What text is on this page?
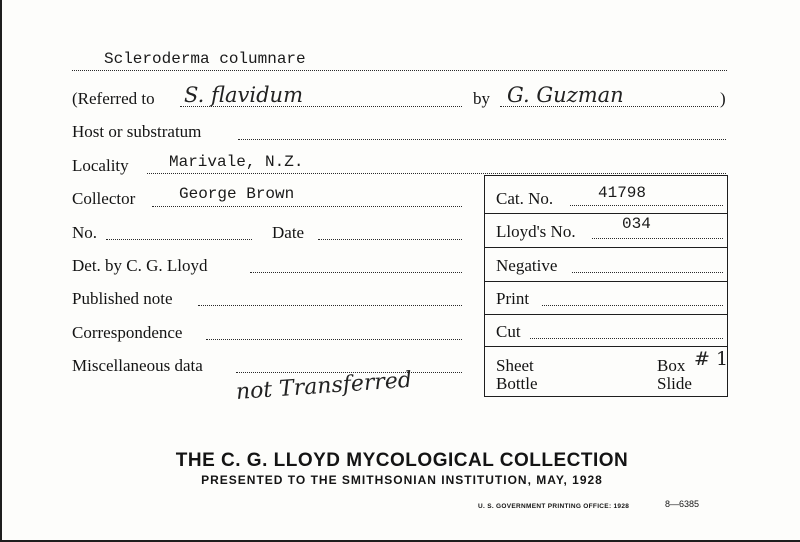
Scleroderma columnare
(Referred to S. flavidum	by G. Guzman	)
Host or substratum
Locality	Marivale, N.Z.
Collector	George Brown
No.	Date
Det. by C. G. Lloyd
Published note
Correspondence
Miscellaneous data
not Transferred
Cat. No.	41798
Lloyd's No.	034
Negative
Print
Cut
Sheet	Box # 1
Bottle	Slide
THE C. G. LLOYD MYCOLOGICAL COLLECTION
PRESENTED TO THE SMITHSONIAN INSTITUTION, MAY, 1928
U. S. GOVERNMENT PRINTING OFFICE: 1928	8—6385
